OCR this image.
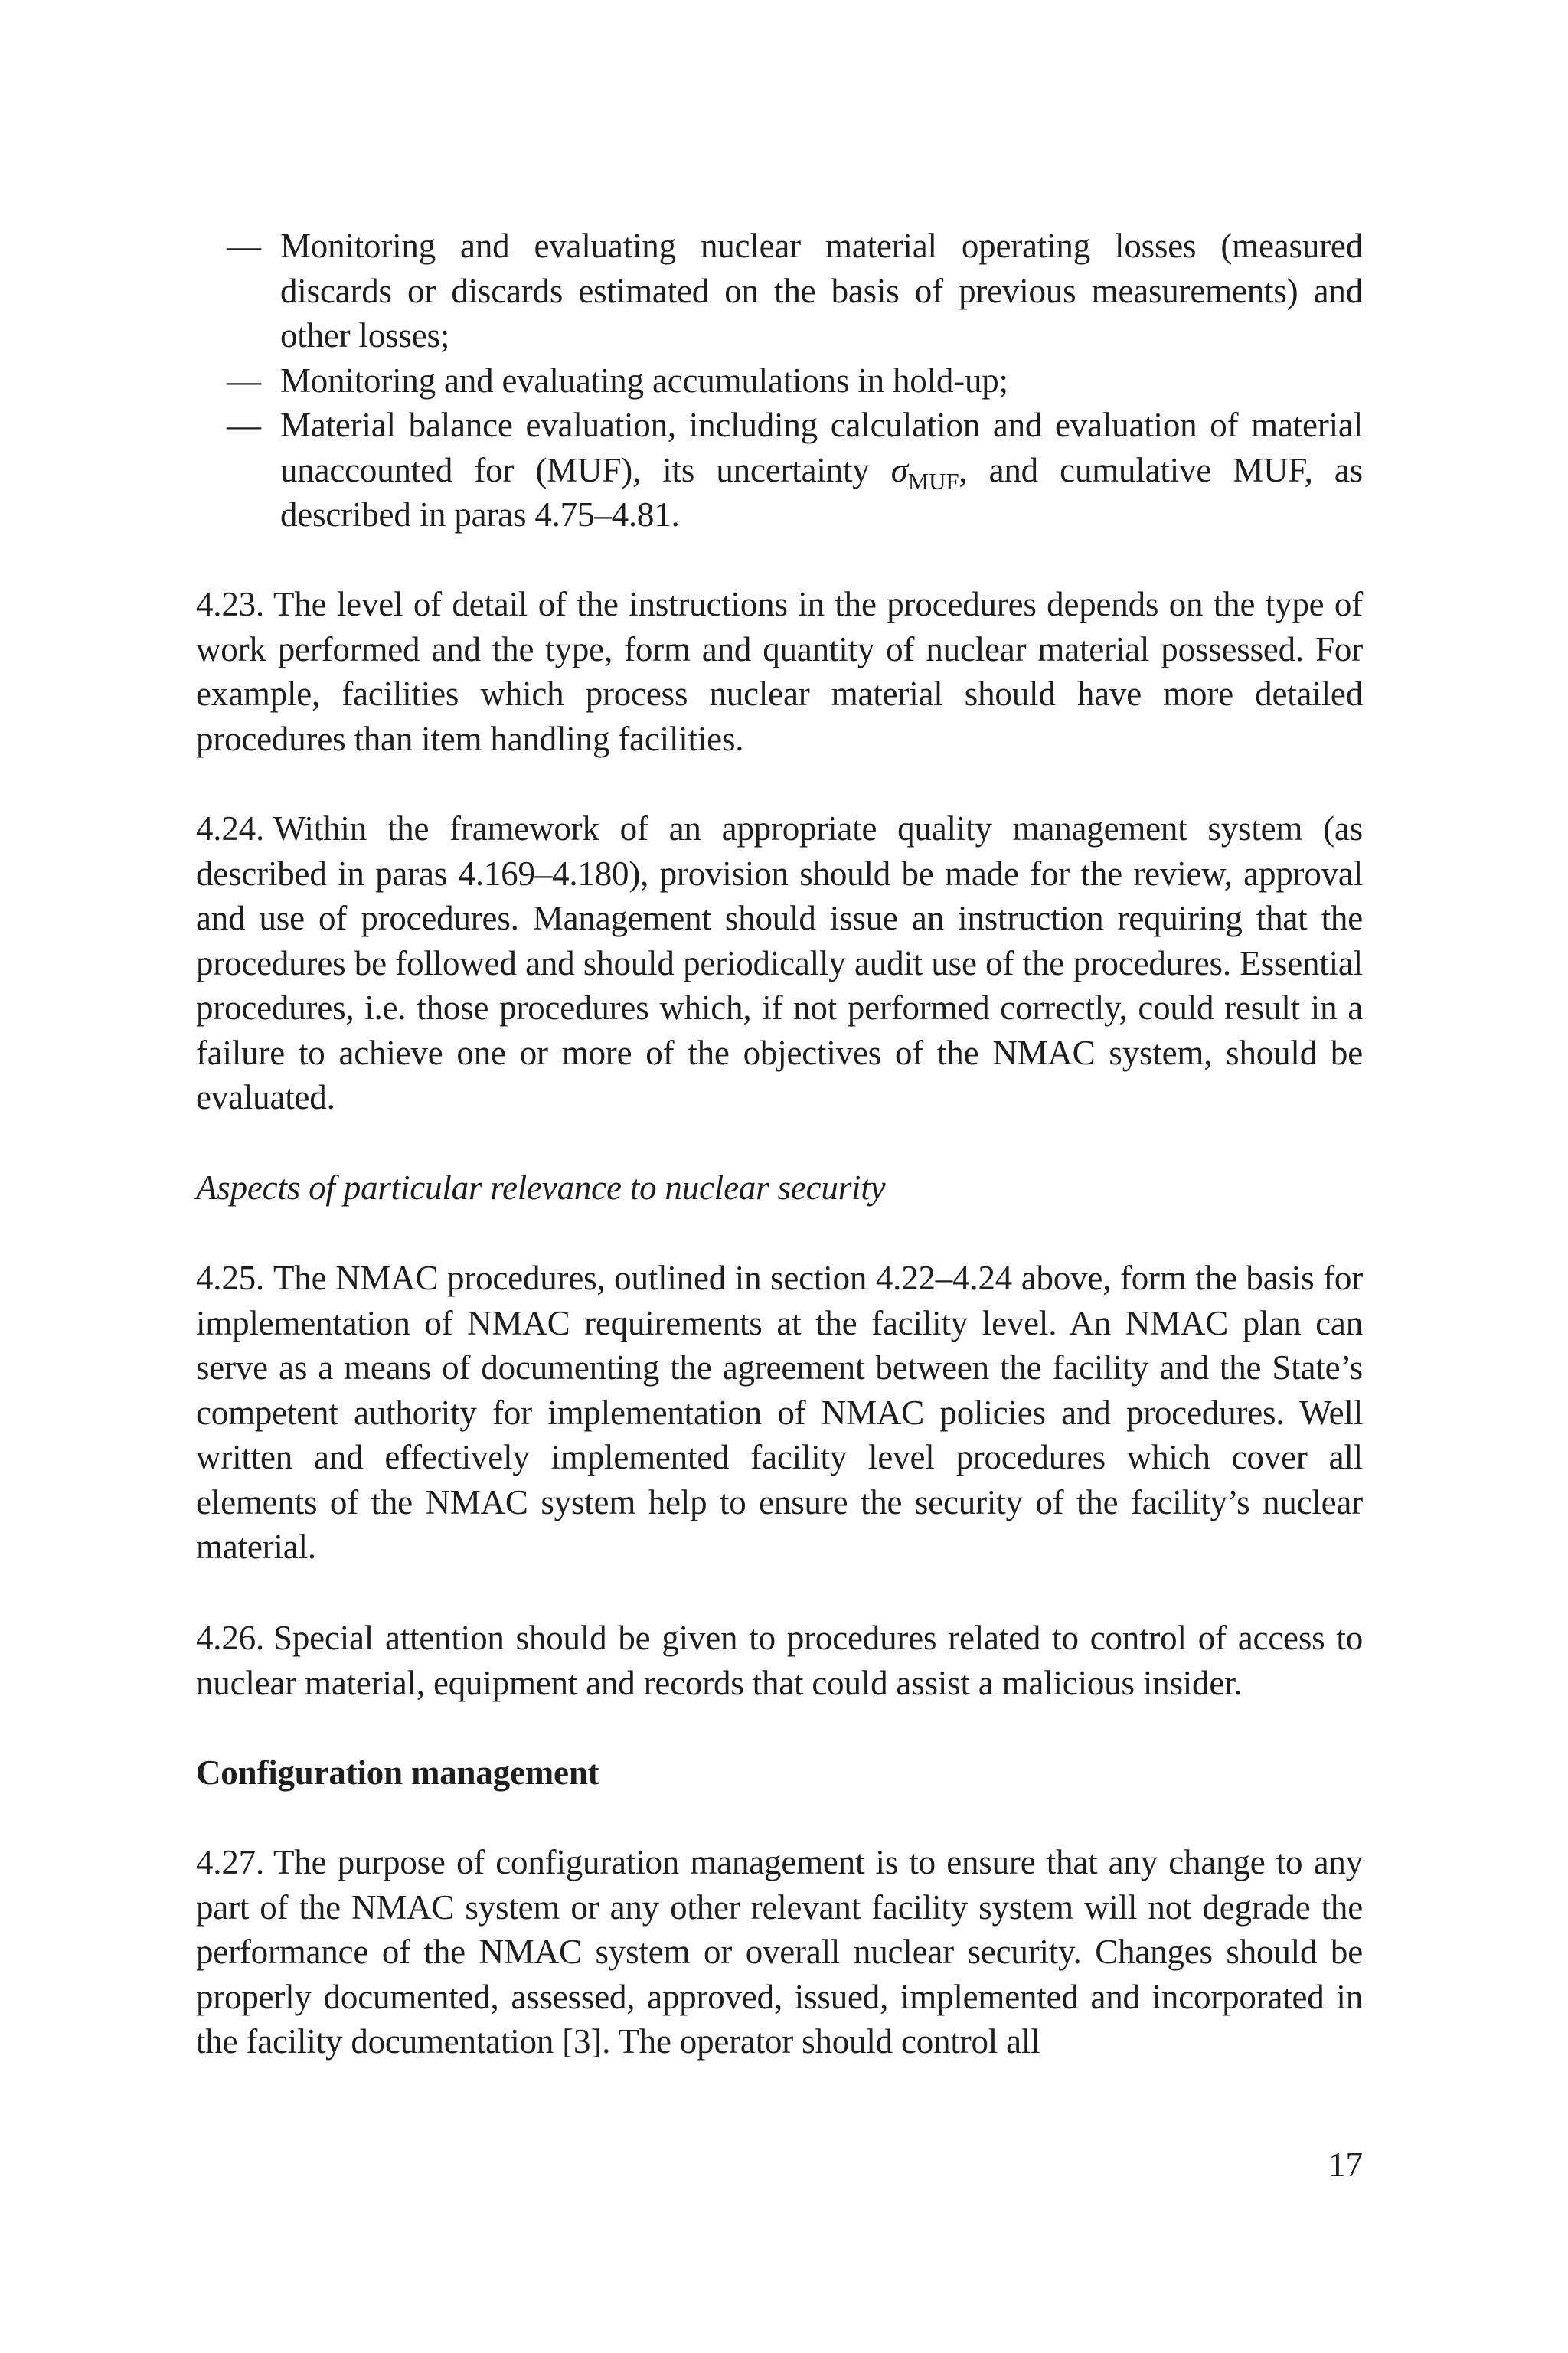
— Monitoring and evaluating nuclear material operating losses (measured discards or discards estimated on the basis of previous measurements) and other losses;
— Monitoring and evaluating accumulations in hold-up;
— Material balance evaluation, including calculation and evaluation of material unaccounted for (MUF), its uncertainty $\sigma_{MUF}$, and cumulative MUF, as described in paras 4.75–4.81.

4.23. The level of detail of the instructions in the procedures depends on the type of work performed and the type, form and quantity of nuclear material possessed. For example, facilities which process nuclear material should have more detailed procedures than item handling facilities.

4.24. Within the framework of an appropriate quality management system (as described in paras 4.169–4.180), provision should be made for the review, approval and use of procedures. Management should issue an instruction requiring that the procedures be followed and should periodically audit use of the procedures. Essential procedures, i.e. those procedures which, if not performed correctly, could result in a failure to achieve one or more of the objectives of the NMAC system, should be evaluated.

Aspects of particular relevance to nuclear security

4.25. The NMAC procedures, outlined in section 4.22–4.24 above, form the basis for implementation of NMAC requirements at the facility level. An NMAC plan can serve as a means of documenting the agreement between the facility and the State’s competent authority for implementation of NMAC policies and procedures. Well written and effectively implemented facility level procedures which cover all elements of the NMAC system help to ensure the security of the facility’s nuclear material.

4.26. Special attention should be given to procedures related to control of access to nuclear material, equipment and records that could assist a malicious insider.

Configuration management

4.27. The purpose of configuration management is to ensure that any change to any part of the NMAC system or any other relevant facility system will not degrade the performance of the NMAC system or overall nuclear security. Changes should be properly documented, assessed, approved, issued, implemented and incorporated in the facility documentation [3]. The operator should control all

17
